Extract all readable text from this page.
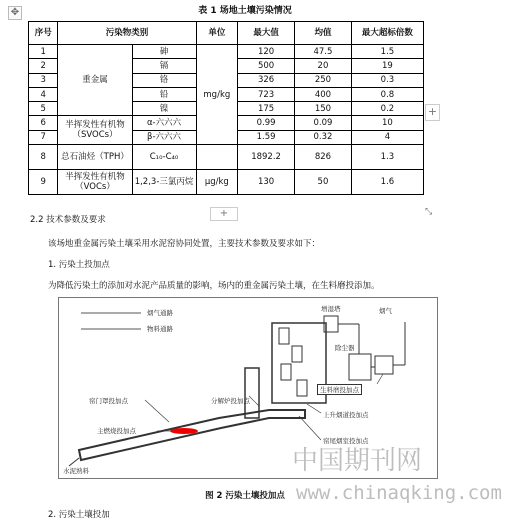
✥	表 1 场地土壤污染情况
序号	污染物类别		单位	最大值	均值	最大超标倍数
1	重金属	砷	mg/kg	120	47.5	1.5
2		镉		500	20	19
3		铬		326	250	0.3
4		铅		723	400	0.8
5		镍		175	150	0.2
6	半挥发性有机物（SVOCs）	α-六六六		0.99	0.09	10
7		β-六六六		1.59	0.32	4
8	总石油烃（TPH）	C₁₀-C₄₀		1892.2	826	1.3
9	半挥发性有机物（VOCs）	1,2,3-三氯丙烷	μg/kg	130	50	1.6
+
+	⤡
2.2 技术参数及要求
该场地重金属污染土壤采用水泥窑协同处置，主要技术参数及要求如下：
1. 污染土投加点
为降低污染土的添加对水泥产品质量的影响，场内的重金属污染土壤，在生料磨投添加。
烟气通路
物料通路
增湿塔	烟气
除尘器
生料磨投加点
分解炉投加点
上升烟道投加点
窑门罩投加点
主燃烧投加点
窑尾烟室投加点
水泥熟料	中国期刊网
www.chinaqking.com
图 2 污染土壤投加点
2. 污染土壤投加
